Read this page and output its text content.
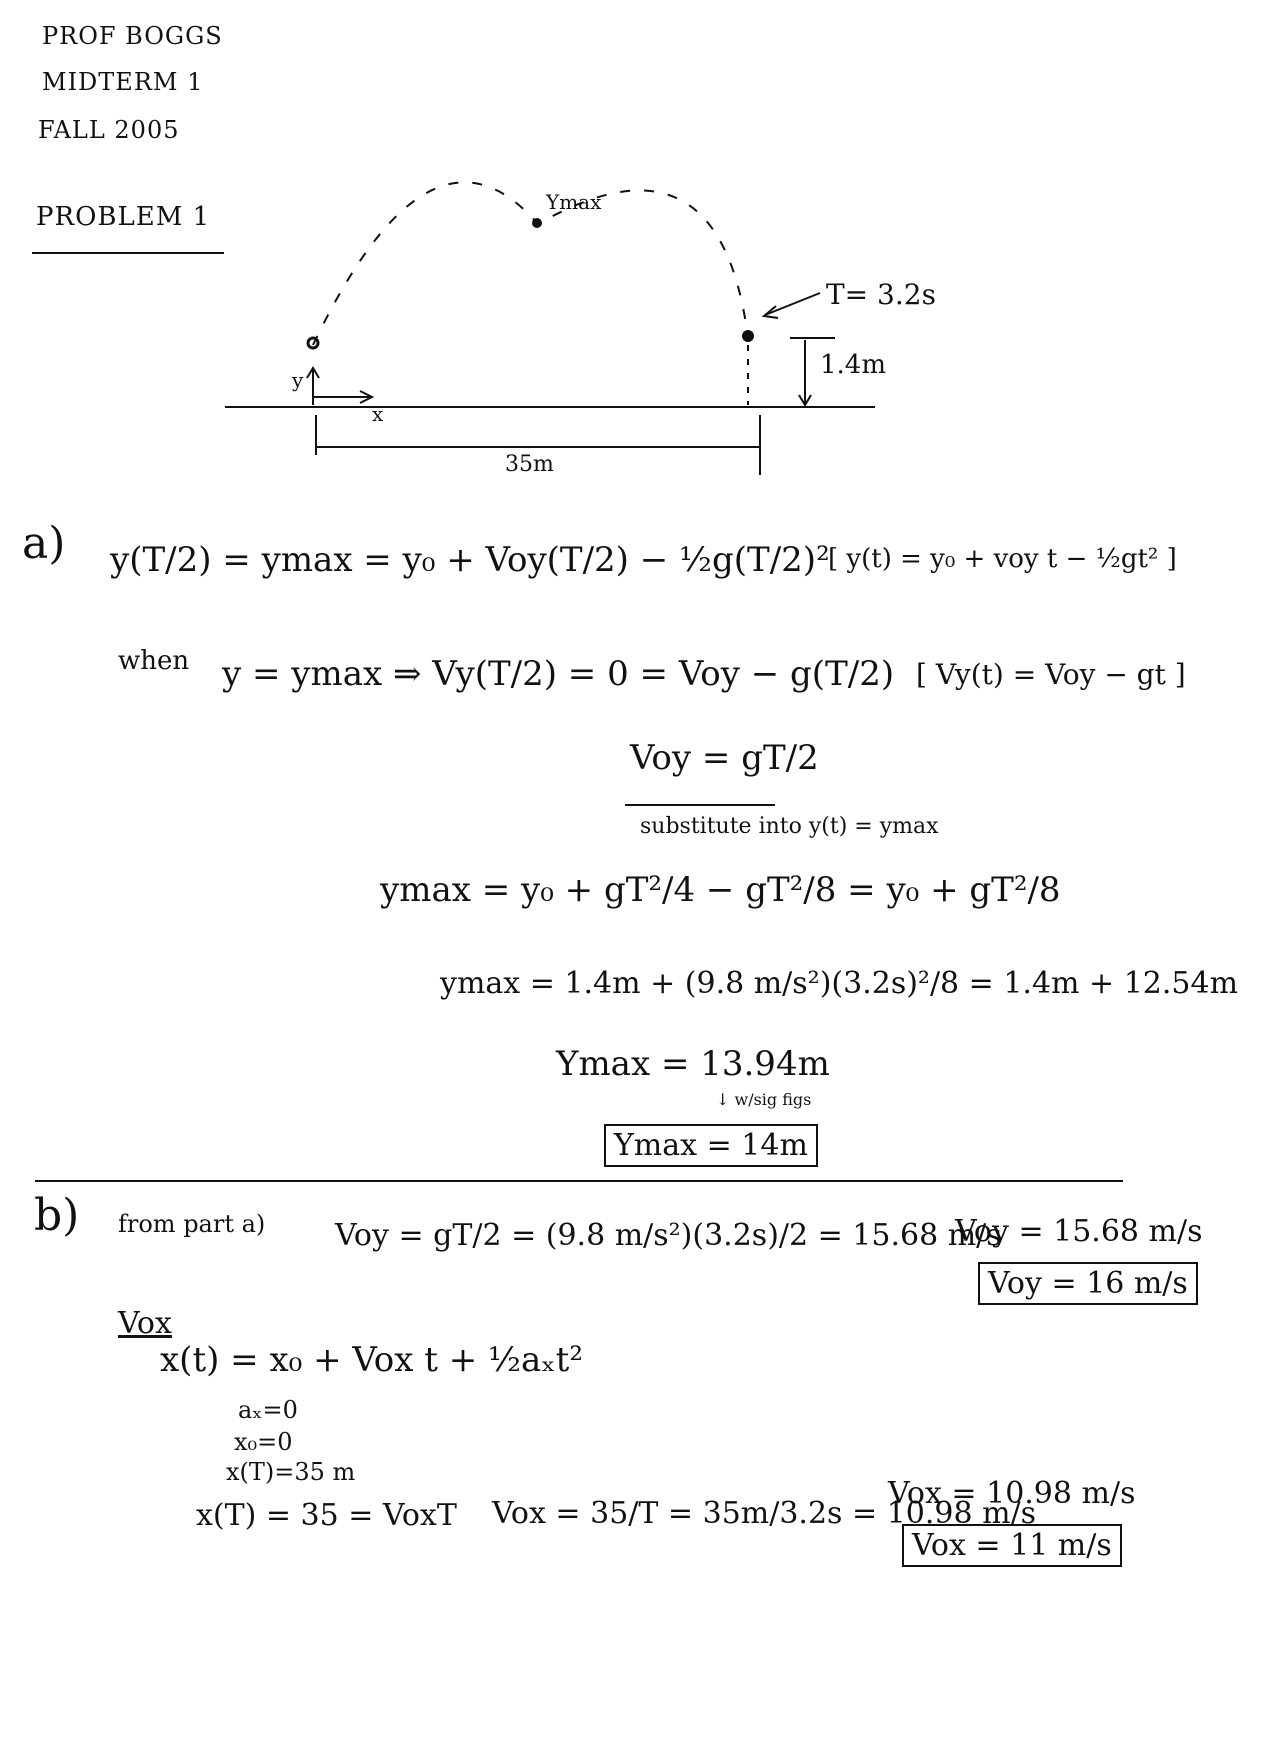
PROF BOGGS
MIDTERM 1
FALL 2005
PROBLEM 1	Ymax
T= 3.2s
1.4m
35m
y
x
a) y(T/2) = ymax = y₀ + Voy(T/2) − ½g(T/2)²
[ y(t) = y₀ + voy t − ½gt² ]
when y = ymax ⇒ Vy(T/2) = 0 = Voy − g(T/2) [ Vy(t) = Voy − gt ]
Voy = gT/2
substitute into y(t) = ymax
ymax = y₀ + gT²/4 − gT²/8 = y₀ + gT²/8
ymax = 1.4m + (9.8 m/s²)(3.2s)²/8 = 1.4m + 12.54m
Ymax = 13.94m
↓ w/sig figs
Ymax = 14m
b) from part a) Voy = gT/2 = (9.8 m/s²)(3.2s)/2 = 15.68 m/s
Voy = 15.68 m/s
Voy = 16 m/s
Vox
x(t) = x₀ + Vox t + ½aₓt²
aₓ=0
x₀=0
x(T)=35 m
x(T) = 35 = VoxT Vox = 35/T = 35m/3.2s = 10.98 m/s
Vox = 10.98 m/s
Vox = 11 m/s
